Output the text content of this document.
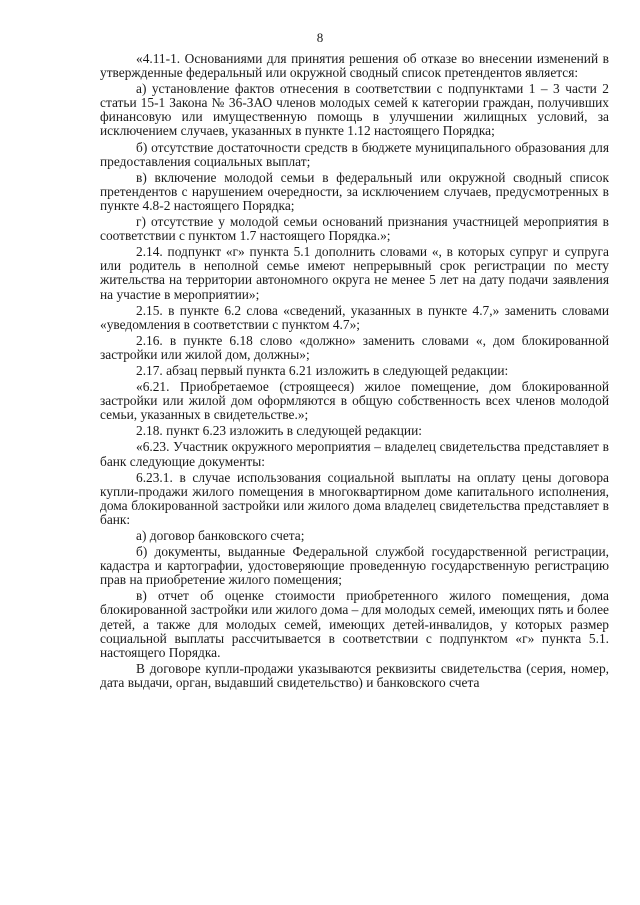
8

«4.11-1. Основаниями для принятия решения об отказе во внесении изменений в утвержденные федеральный или окружной сводный список претендентов является:

а) установление фактов отнесения в соответствии с подпунктами 1 – 3 части 2 статьи 15-1 Закона № 36-ЗАО членов молодых семей к категории граждан, получивших финансовую или имущественную помощь в улучшении жилищных условий, за исключением случаев, указанных в пункте 1.12 настоящего Порядка;

б) отсутствие достаточности средств в бюджете муниципального образования для предоставления социальных выплат;

в) включение молодой семьи в федеральный или окружной сводный список претендентов с нарушением очередности, за исключением случаев, предусмотренных в пункте 4.8-2 настоящего Порядка;

г) отсутствие у молодой семьи оснований признания участницей мероприятия в соответствии с пунктом 1.7 настоящего Порядка.»;

2.14. подпункт «г» пункта 5.1 дополнить словами «, в которых супруг и супруга или родитель в неполной семье имеют непрерывный срок регистрации по месту жительства на территории автономного округа не менее 5 лет на дату подачи заявления на участие в мероприятии»;

2.15. в пункте 6.2 слова «сведений, указанных в пункте 4.7,» заменить словами «уведомления в соответствии с пунктом 4.7»;

2.16. в пункте 6.18 слово «должно» заменить словами «, дом блокированной застройки или жилой дом, должны»;

2.17. абзац первый пункта 6.21 изложить в следующей редакции:

«6.21. Приобретаемое (строящееся) жилое помещение, дом блокированной застройки или жилой дом оформляются в общую собственность всех членов молодой семьи, указанных в свидетельстве.»;

2.18. пункт 6.23 изложить в следующей редакции:

«6.23. Участник окружного мероприятия – владелец свидетельства представляет в банк следующие документы:

6.23.1. в случае использования социальной выплаты на оплату цены договора купли-продажи жилого помещения в многоквартирном доме капитального исполнения, дома блокированной застройки или жилого дома владелец свидетельства представляет в банк:

а) договор банковского счета;

б) документы, выданные Федеральной службой государственной регистрации, кадастра и картографии, удостоверяющие проведенную государственную регистрацию прав на приобретение жилого помещения;

в) отчет об оценке стоимости приобретенного жилого помещения, дома блокированной застройки или жилого дома – для молодых семей, имеющих пять и более детей, а также для молодых семей, имеющих детей-инвалидов, у которых размер социальной выплаты рассчитывается в соответствии с подпунктом «г» пункта 5.1. настоящего Порядка.

В договоре купли-продажи указываются реквизиты свидетельства (серия, номер, дата выдачи, орган, выдавший свидетельство) и банковского счета
